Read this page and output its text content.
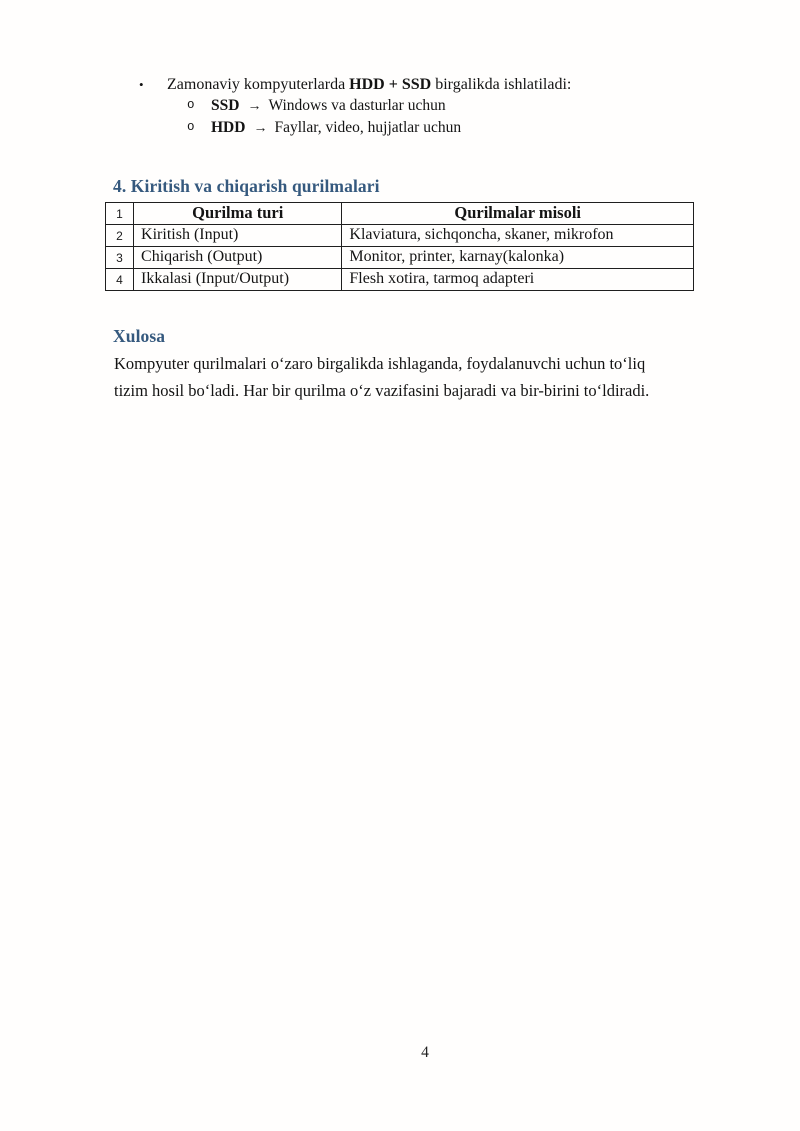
•	Zamonaviy kompyuterlarda HDD + SSD birgalikda ishlatiladi:
o	SSD → Windows va dasturlar uchun
o	HDD → Fayllar, video, hujjatlar uchun
4. Kiritish va chiqarish qurilmalari
1	Qurilma turi	Qurilmalar misoli
2	Kiritish (Input)	Klaviatura, sichqoncha, skaner, mikrofon
3	Chiqarish (Output)	Monitor, printer, karnay(kalonka)
4	Ikkalasi (Input/Output)	Flesh xotira, tarmoq adapteri
Xulosa
Kompyuter qurilmalari o‘zaro birgalikda ishlaganda, foydalanuvchi uchun to‘liq
tizim hosil bo‘ladi. Har bir qurilma o‘z vazifasini bajaradi va bir-birini to‘ldiradi.
4
